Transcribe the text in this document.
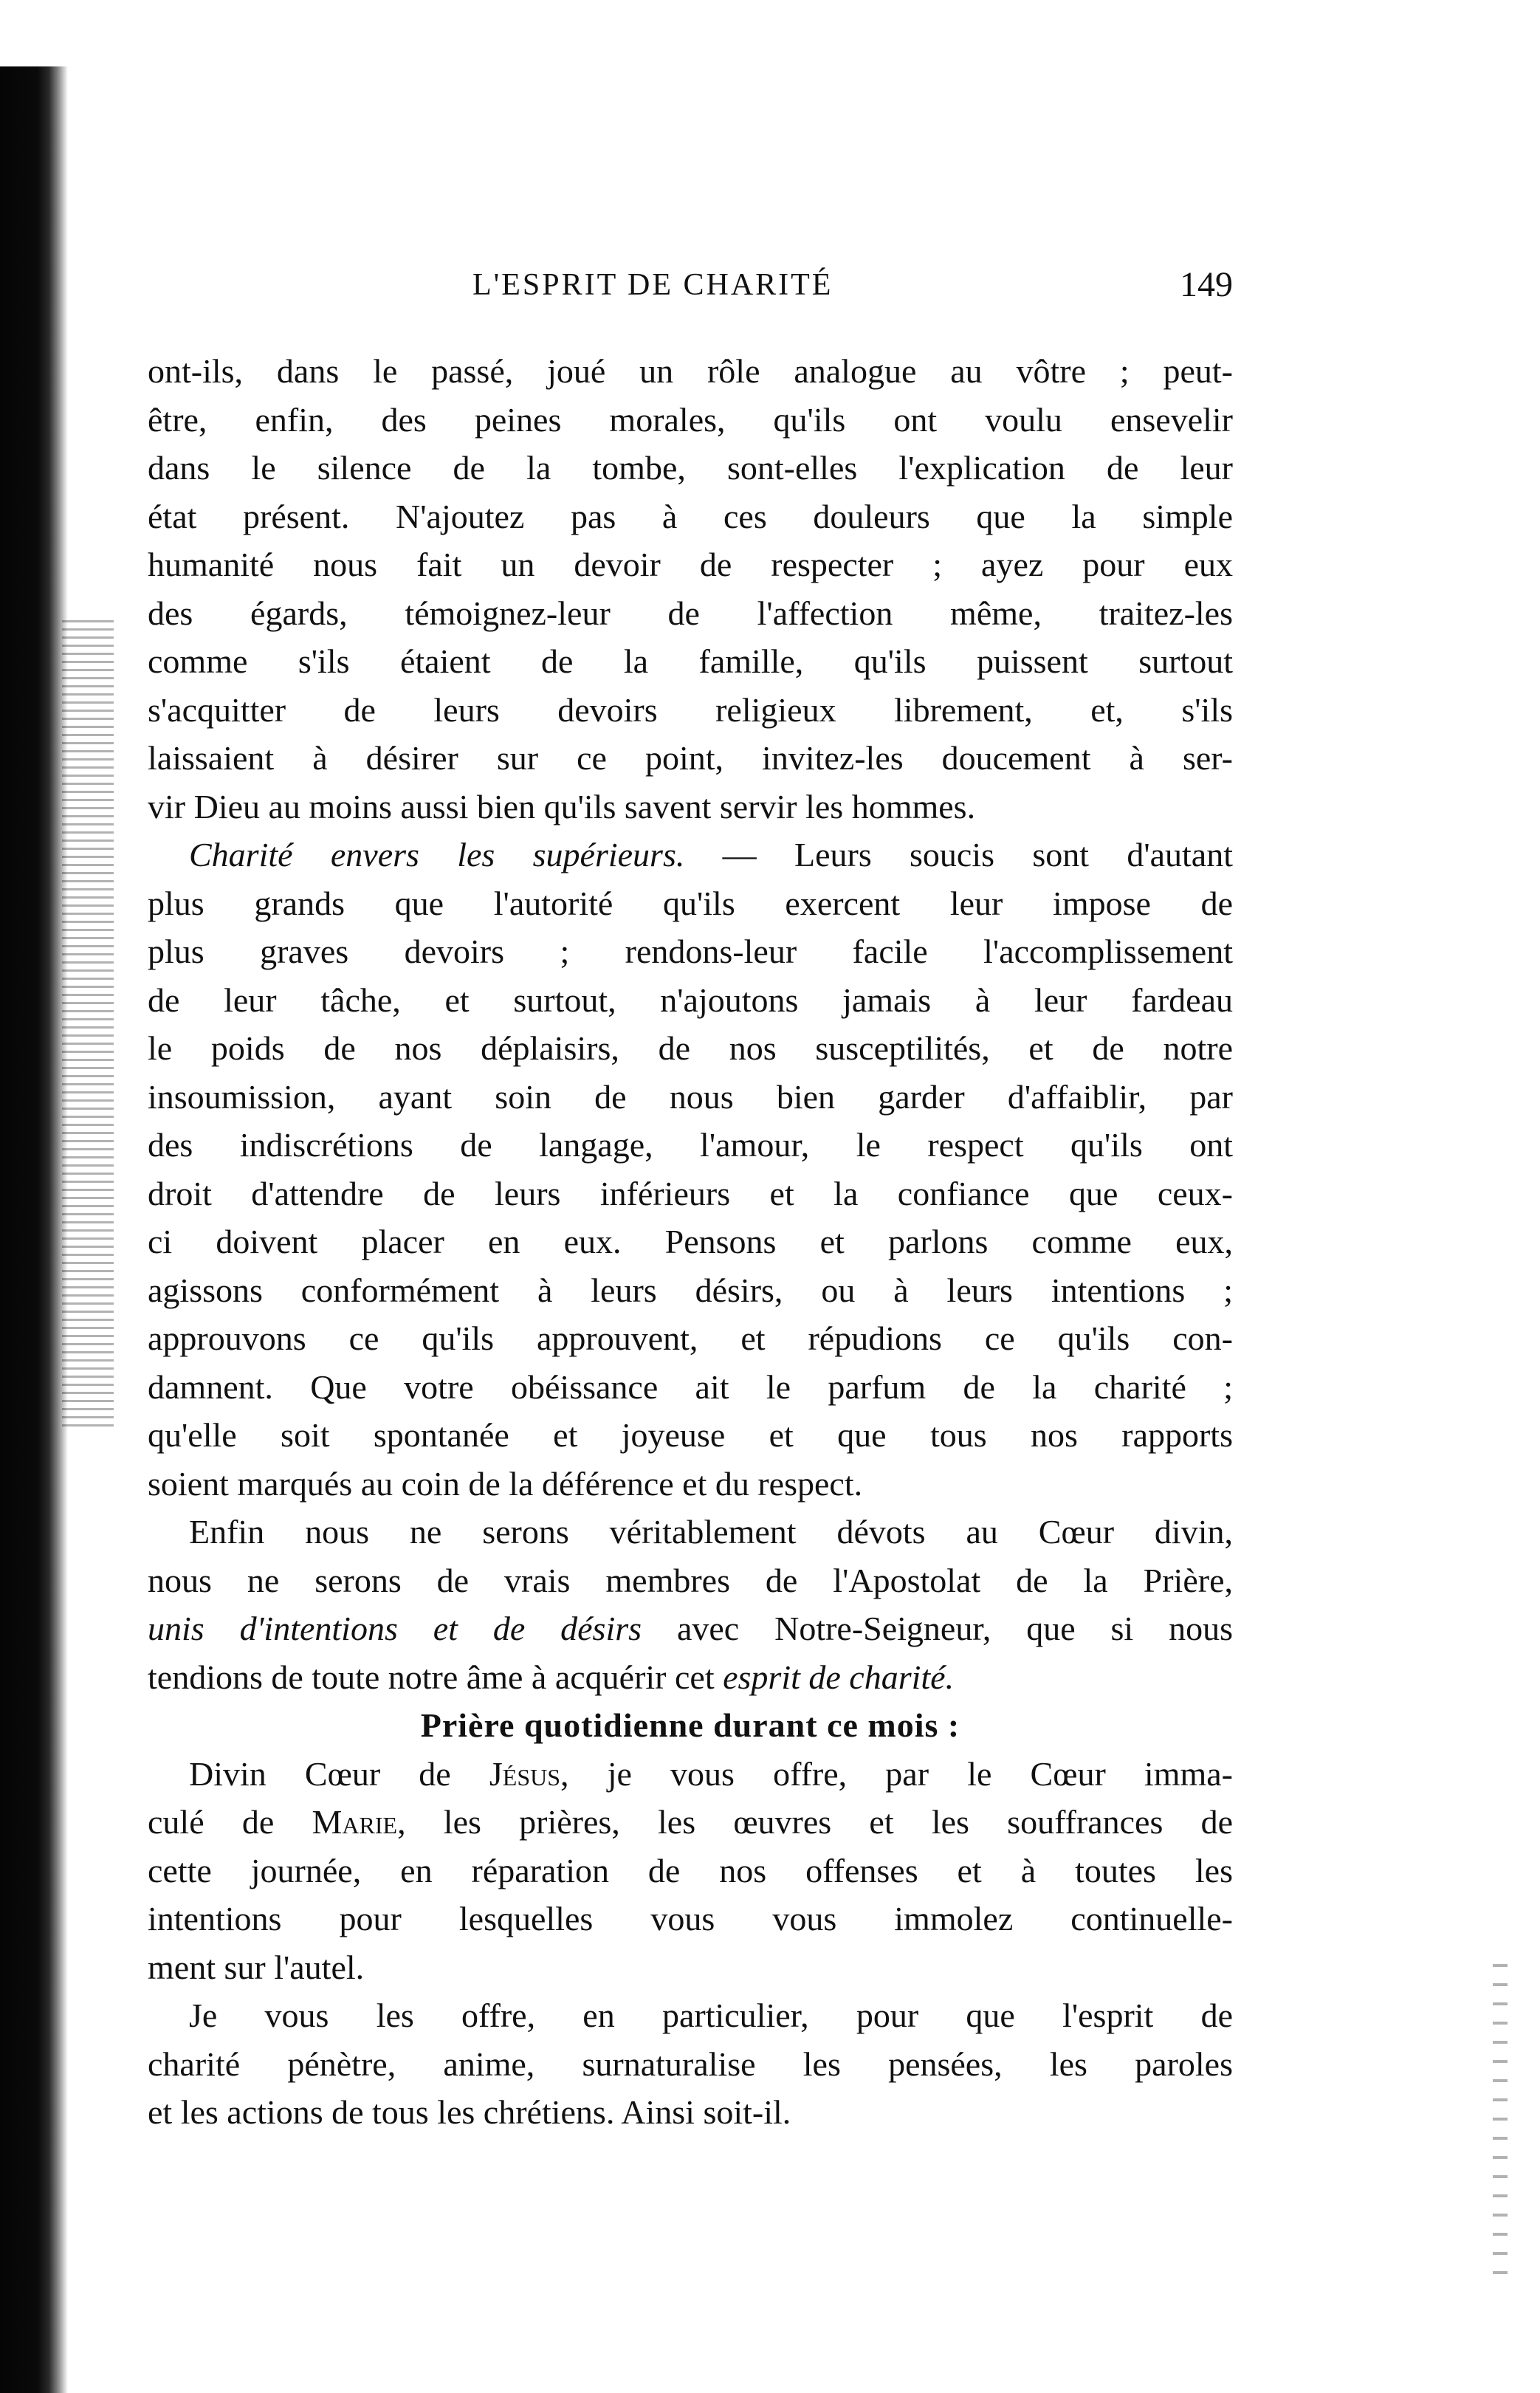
L'ESPRIT DE CHARITÉ	149
ont-ils, dans le passé, joué un rôle analogue au vôtre ; peut-
être, enfin, des peines morales, qu'ils ont voulu ensevelir
dans le silence de la tombe, sont-elles l'explication de leur
état présent. N'ajoutez pas à ces douleurs que la simple
humanité nous fait un devoir de respecter ; ayez pour eux
des égards, témoignez-leur de l'affection même, traitez-les
comme s'ils étaient de la famille, qu'ils puissent surtout
s'acquitter de leurs devoirs religieux librement, et, s'ils
laissaient à désirer sur ce point, invitez-les doucement à ser-
vir Dieu au moins aussi bien qu'ils savent servir les hommes.
Charité envers les supérieurs. — Leurs soucis sont d'autant
plus grands que l'autorité qu'ils exercent leur impose de
plus graves devoirs ; rendons-leur facile l'accomplissement
de leur tâche, et surtout, n'ajoutons jamais à leur fardeau
le poids de nos déplaisirs, de nos susceptilités, et de notre
insoumission, ayant soin de nous bien garder d'affaiblir, par
des indiscrétions de langage, l'amour, le respect qu'ils ont
droit d'attendre de leurs inférieurs et la confiance que ceux-
ci doivent placer en eux. Pensons et parlons comme eux,
agissons conformément à leurs désirs, ou à leurs intentions ;
approuvons ce qu'ils approuvent, et répudions ce qu'ils con-
damnent. Que votre obéissance ait le parfum de la charité ;
qu'elle soit spontanée et joyeuse et que tous nos rapports
soient marqués au coin de la déférence et du respect.
Enfin nous ne serons véritablement dévots au Cœur divin,
nous ne serons de vrais membres de l'Apostolat de la Prière,
unis d'intentions et de désirs avec Notre-Seigneur, que si nous
tendions de toute notre âme à acquérir cet esprit de charité.
Prière quotidienne durant ce mois :
Divin Cœur de Jésus, je vous offre, par le Cœur imma-
culé de Marie, les prières, les œuvres et les souffrances de
cette journée, en réparation de nos offenses et à toutes les
intentions pour lesquelles vous vous immolez continuelle-
ment sur l'autel.
Je vous les offre, en particulier, pour que l'esprit de
charité pénètre, anime, surnaturalise les pensées, les paroles
et les actions de tous les chrétiens. Ainsi soit-il.
